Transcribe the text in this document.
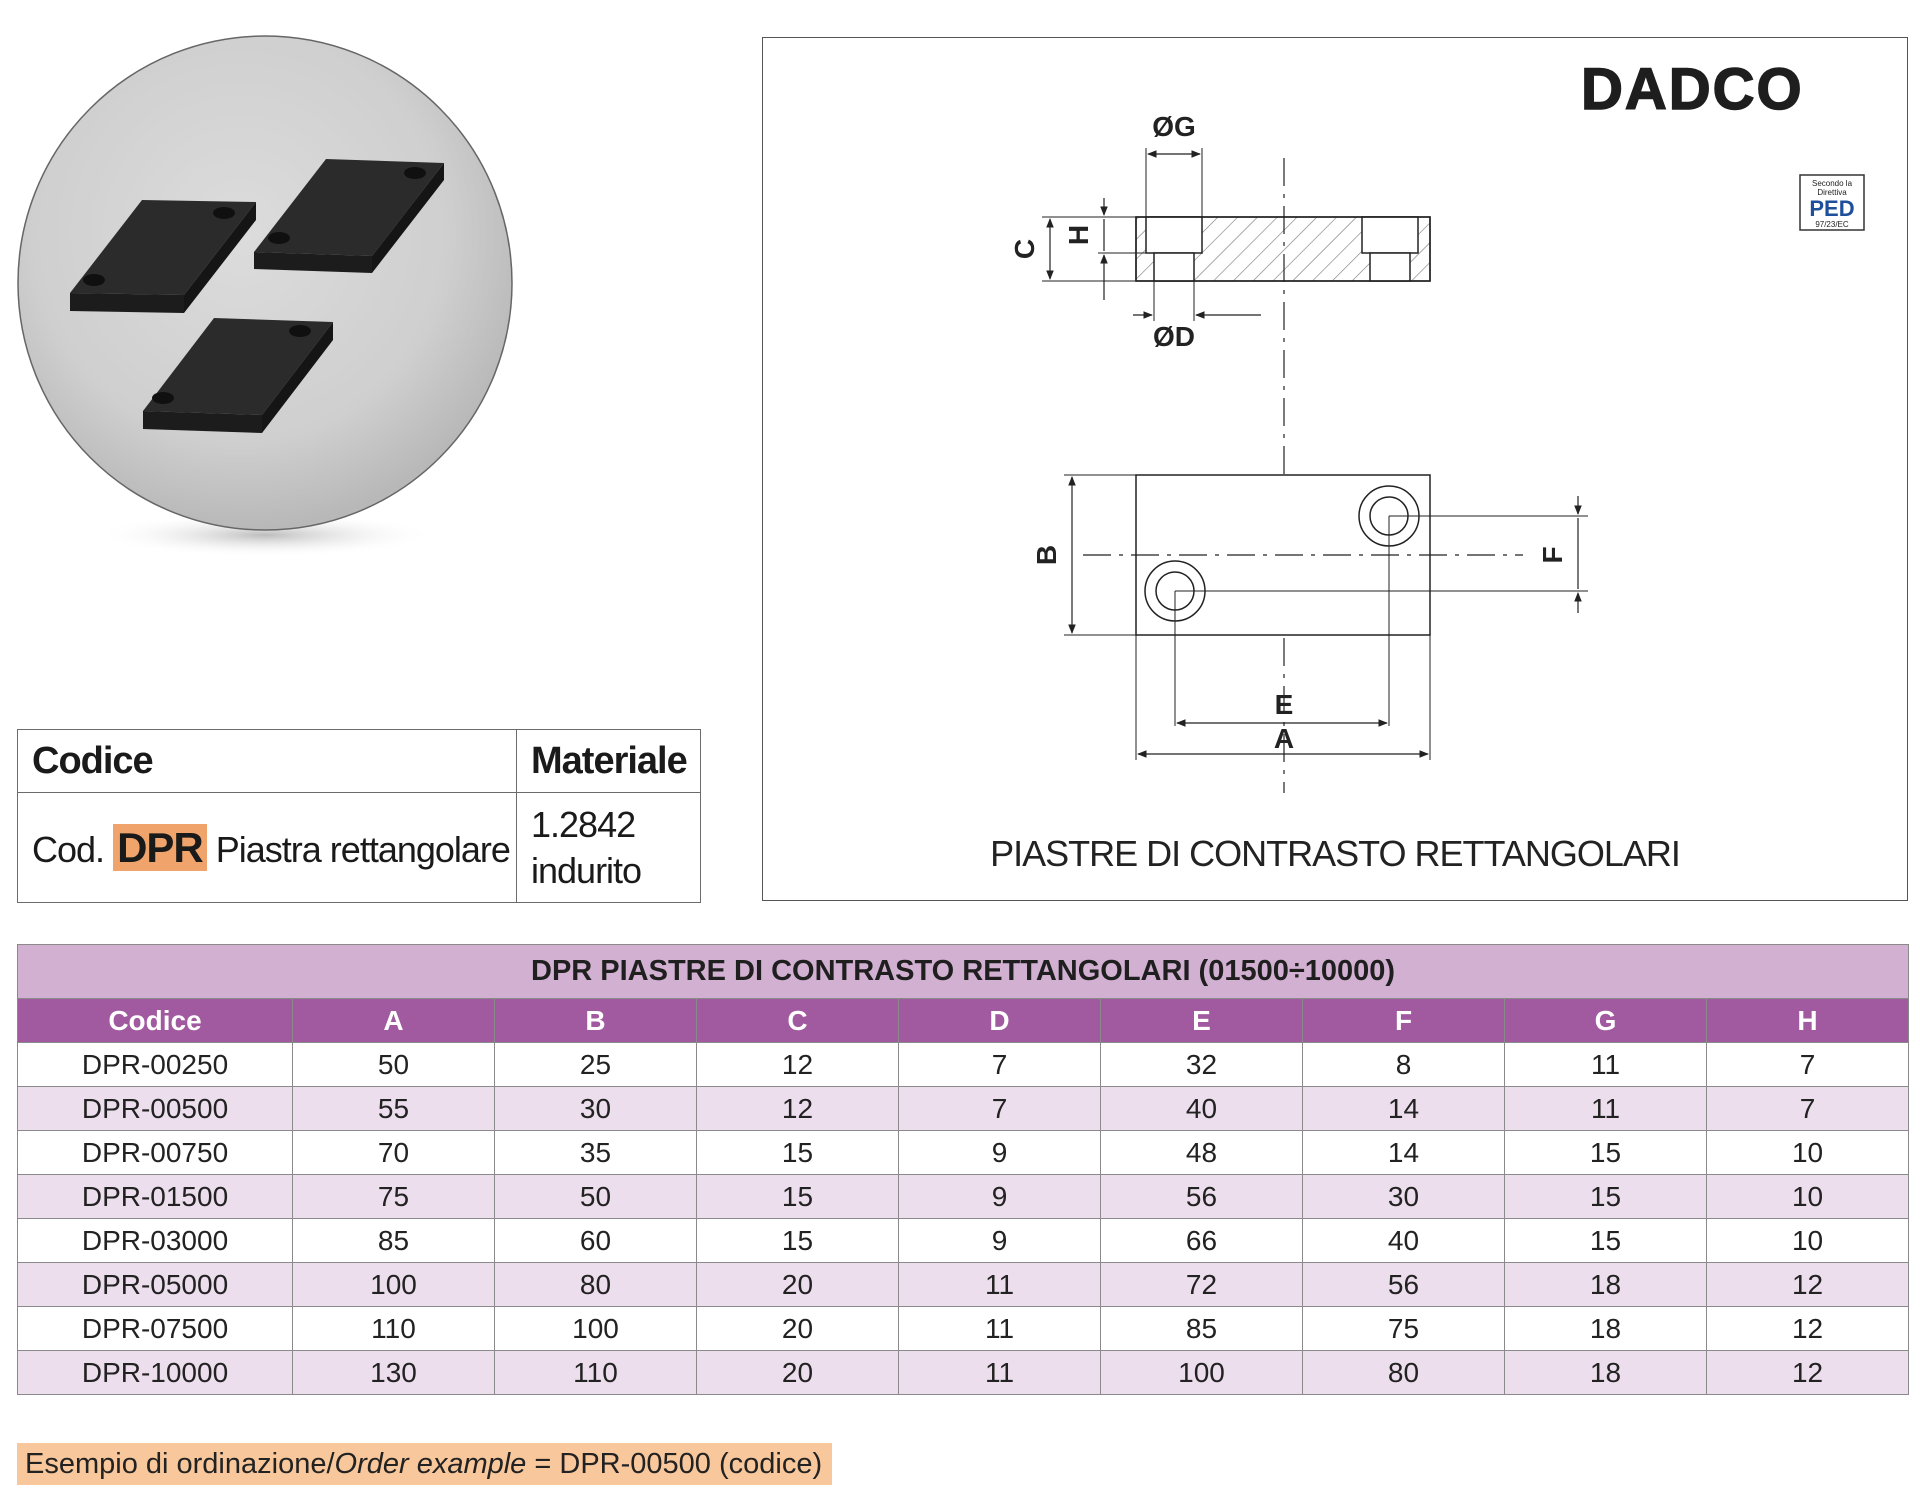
Codice	Materiale
Cod. DPR Piastra rettangolare	1.2842
indurito
DADCO
Secondo la
Direttiva
PED
97/23/EC
ØG
ØD
C
H
B	F
E
A
PIASTRE DI CONTRASTO RETTANGOLARI
DPR PIASTRE DI CONTRASTO RETTANGOLARI (01500÷10000)								
Codice	A	B	C	D	E	F	G	H
DPR-00250	50	25	12	7	32	8	11	7
DPR-00500	55	30	12	7	40	14	11	7
DPR-00750	70	35	15	9	48	14	15	10
DPR-01500	75	50	15	9	56	30	15	10
DPR-03000	85	60	15	9	66	40	15	10
DPR-05000	100	80	20	11	72	56	18	12
DPR-07500	110	100	20	11	85	75	18	12
DPR-10000	130	110	20	11	100	80	18	12
Esempio di ordinazione/Order example = DPR-00500 (codice)
